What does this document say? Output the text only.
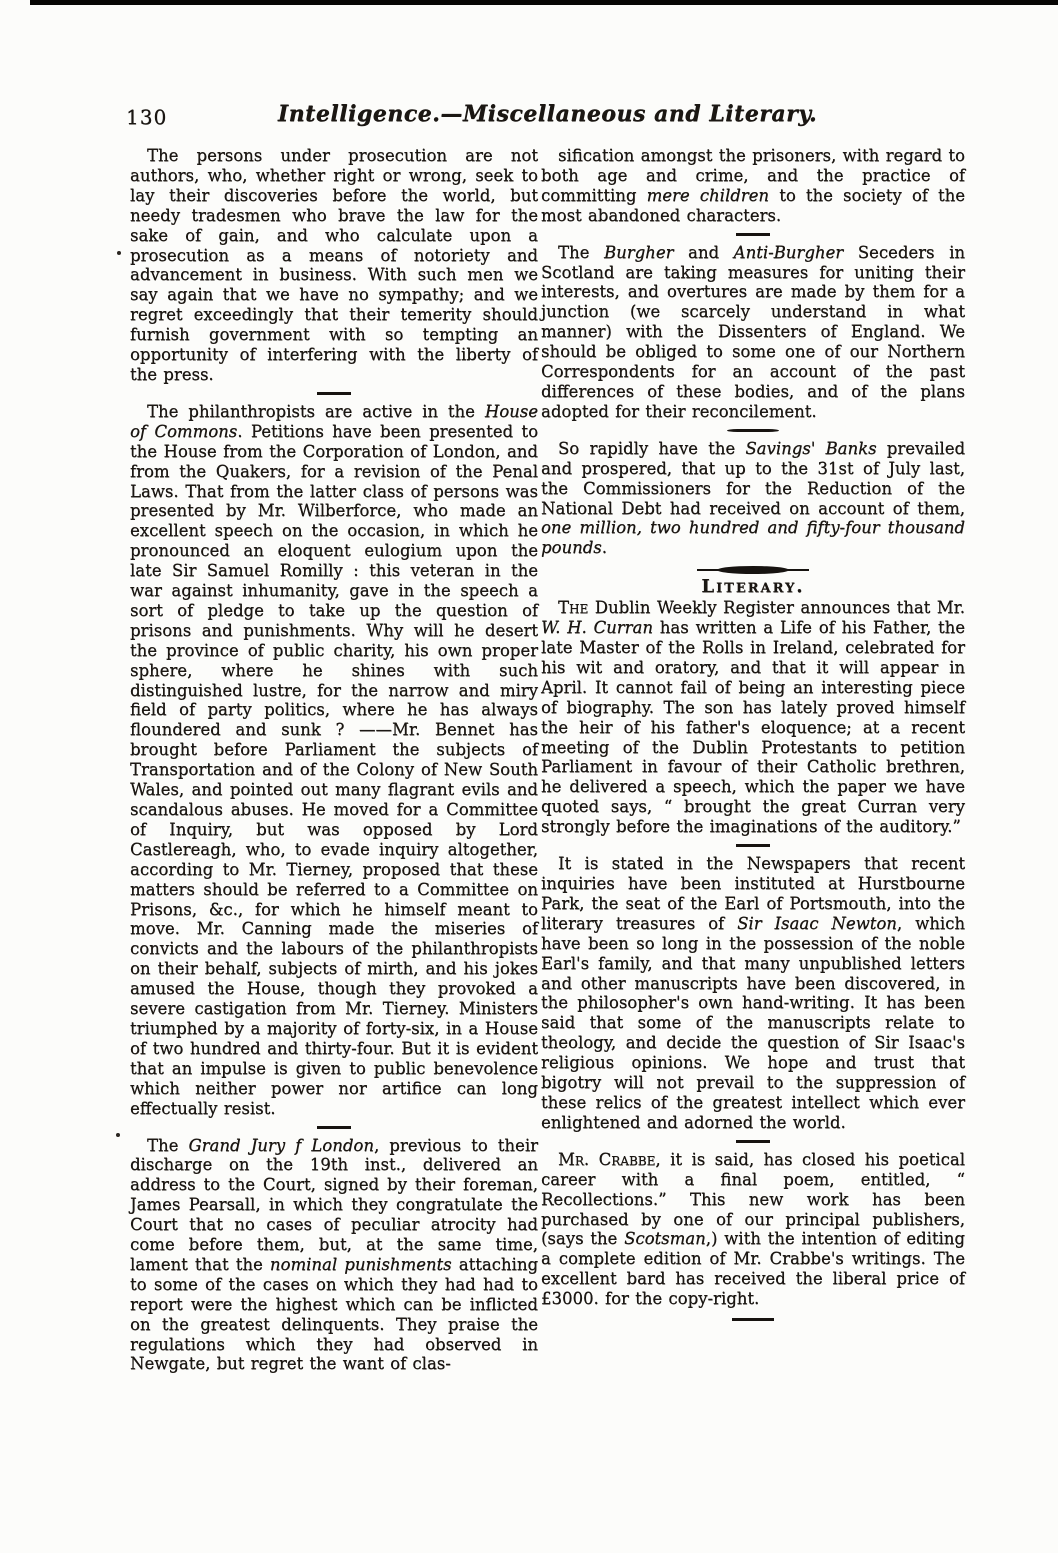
130	Intelligence.—Miscellaneous and Literary.

The persons under prosecution are not authors, who, whether right or wrong, seek to lay their discoveries before the world, but needy tradesmen who brave the law for the sake of gain, and who calculate upon a prosecution as a means of notoriety and advancement in business. With such men we say again that we have no sympathy; and we regret exceedingly that their temerity should furnish government with so tempting an opportunity of interfering with the liberty of the press.

The philanthropists are active in the House of Commons. Petitions have been presented to the House from the Corporation of London, and from the Quakers, for a revision of the Penal Laws. That from the latter class of persons was presented by Mr. Wilberforce, who made an excellent speech on the occasion, in which he pronounced an eloquent eulogium upon the late Sir Samuel Romilly : this veteran in the war against inhumanity, gave in the speech a sort of pledge to take up the question of prisons and punishments. Why will he desert the province of public charity, his own proper sphere, where he shines with such distinguished lustre, for the narrow and miry field of party politics, where he has always floundered and sunk ? ——Mr. Bennet has brought before Parliament the subjects of Transportation and of the Colony of New South Wales, and pointed out many flagrant evils and scandalous abuses. He moved for a Committee of Inquiry, but was opposed by Lord Castlereagh, who, to evade inquiry altogether, according to Mr. Tierney, proposed that these matters should be referred to a Committee on Prisons, &c., for which he himself meant to move. Mr. Canning made the miseries of convicts and the labours of the philanthropists on their behalf, subjects of mirth, and his jokes amused the House, though they provoked a severe castigation from Mr. Tierney. Ministers triumphed by a majority of forty-six, in a House of two hundred and thirty-four. But it is evident that an impulse is given to public benevolence which neither power nor artifice can long effectually resist.

The Grand Jury f London, previous to their discharge on the 19th inst., delivered an address to the Court, signed by their foreman, James Pearsall, in which they congratulate the Court that no cases of peculiar atrocity had come before them, but, at the same time, lament that the nominal punishments attaching to some of the cases on which they had had to report were the highest which can be inflicted on the greatest delinquents. They praise the regulations which they had observed in Newgate, but regret the want of clas-

sification amongst the prisoners, with regard to both age and crime, and the practice of committing mere children to the society of the most abandoned characters.

The Burgher and Anti-Burgher Seceders in Scotland are taking measures for uniting their interests, and overtures are made by them for a junction (we scarcely understand in what manner) with the Dissenters of England. We should be obliged to some one of our Northern Correspondents for an account of the past differences of these bodies, and of the plans adopted for their reconcilement.

So rapidly have the Savings' Banks prevailed and prospered, that up to the 31st of July last, the Commissioners for the Reduction of the National Debt had received on account of them, one million, two hundred and fifty-four thousand pounds.

Literary.

The Dublin Weekly Register announces that Mr. W. H. Curran has written a Life of his Father, the late Master of the Rolls in Ireland, celebrated for his wit and oratory, and that it will appear in April. It cannot fail of being an interesting piece of biography. The son has lately proved himself the heir of his father's eloquence; at a recent meeting of the Dublin Protestants to petition Parliament in favour of their Catholic brethren, he delivered a speech, which the paper we have quoted says, “ brought the great Curran very strongly before the imaginations of the auditory.”

It is stated in the Newspapers that recent inquiries have been instituted at Hurstbourne Park, the seat of the Earl of Portsmouth, into the literary treasures of Sir Isaac Newton, which have been so long in the possession of the noble Earl's family, and that many unpublished letters and other manuscripts have been discovered, in the philosopher's own hand-writing. It has been said that some of the manuscripts relate to theology, and decide the question of Sir Isaac's religious opinions. We hope and trust that bigotry will not prevail to the suppression of these relics of the greatest intellect which ever enlightened and adorned the world.

Mr. Crabbe, it is said, has closed his poetical career with a final poem, entitled, “ Recollections.” This new work has been purchased by one of our principal publishers, (says the Scotsman,) with the intention of editing a complete edition of Mr. Crabbe's writings. The excellent bard has received the liberal price of £3000. for the copy-right.
